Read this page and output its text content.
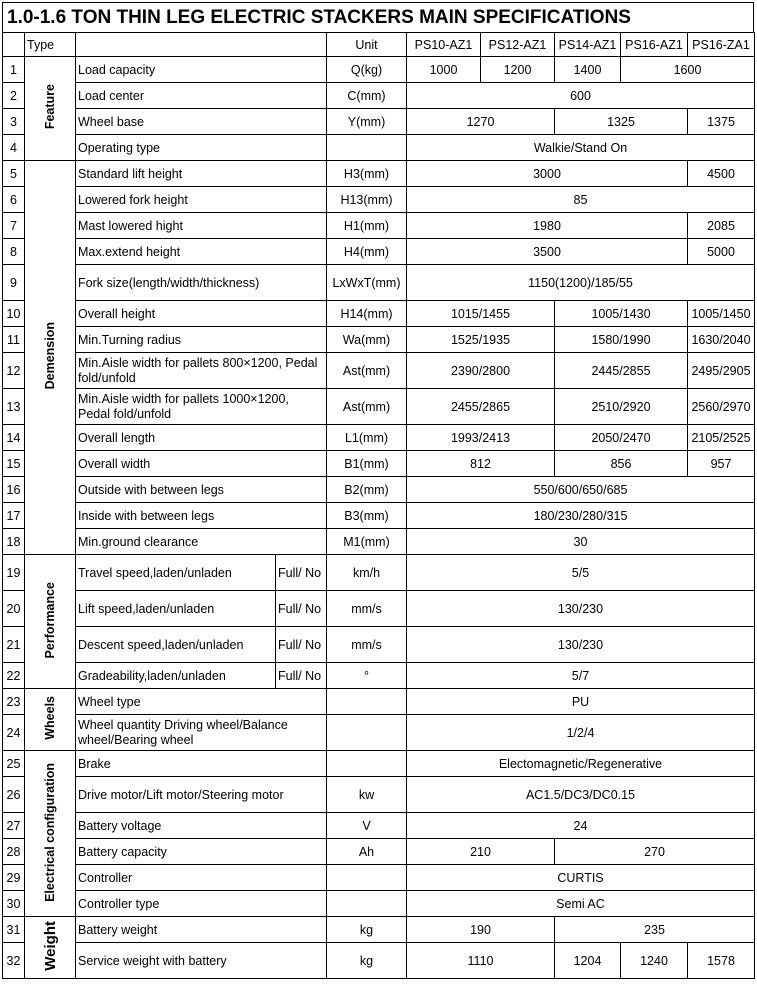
1.0-1.6 TON THIN LEG ELECTRIC STACKERS MAIN SPECIFICATIONS
	Type			Unit	PS10-AZ1	PS12-AZ1	PS14-AZ1	PS16-AZ1	PS16-ZA1
1	Feature	Load capacity		Q(kg)	1000	1200	1400	1600	
2		Load center		C(mm)	600				
3		Wheel base		Y(mm)	1270		1325		1375
4		Operating type			Walkie/Stand On				
5	Demension	Standard lift height		H3(mm)	3000				4500
6		Lowered fork height		H13(mm)	85				
7		Mast lowered hight		H1(mm)	1980				2085
8		Max.extend height		H4(mm)	3500				5000
9		Fork size(length/width/thickness)		LxWxT(mm)	1150(1200)/185/55				
10		Overall height		H14(mm)	1015/1455		1005/1430		1005/1450
11		Min.Turning radius		Wa(mm)	1525/1935		1580/1990		1630/2040
12		Min.Aisle width for pallets 800×1200, Pedal fold/unfold		Ast(mm)	2390/2800		2445/2855		2495/2905
13		Min.Aisle width for pallets 1000×1200, Pedal fold/unfold		Ast(mm)	2455/2865		2510/2920		2560/2970
14		Overall length		L1(mm)	1993/2413		2050/2470		2105/2525
15		Overall width		B1(mm)	812		856		957
16		Outside with between legs		B2(mm)	550/600/650/685				
17		Inside with between legs		B3(mm)	180/230/280/315				
18		Min.ground clearance		M1(mm)	30				
19	Performance	Travel speed,laden/unladen	Full/ No	km/h	5/5				
20		Lift speed,laden/unladen	Full/ No	mm/s	130/230				
21		Descent speed,laden/unladen	Full/ No	mm/s	130/230				
22		Gradeability,laden/unladen	Full/ No	°	5/7				
23	Wheels	Wheel type			PU				
24		Wheel quantity Driving wheel/Balance wheel/Bearing wheel			1/2/4				
25	Electrical configuration	Brake			Electomagnetic/Regenerative				
26		Drive motor/Lift motor/Steering motor		kw	AC1.5/DC3/DC0.15				
27		Battery voltage		V	24				
28		Battery capacity		Ah	210		270		
29		Controller			CURTIS				
30		Controller type			Semi AC				
31	Weight	Battery weight		kg	190		235		
32		Service weight with battery		kg	1110		1204	1240	1578
